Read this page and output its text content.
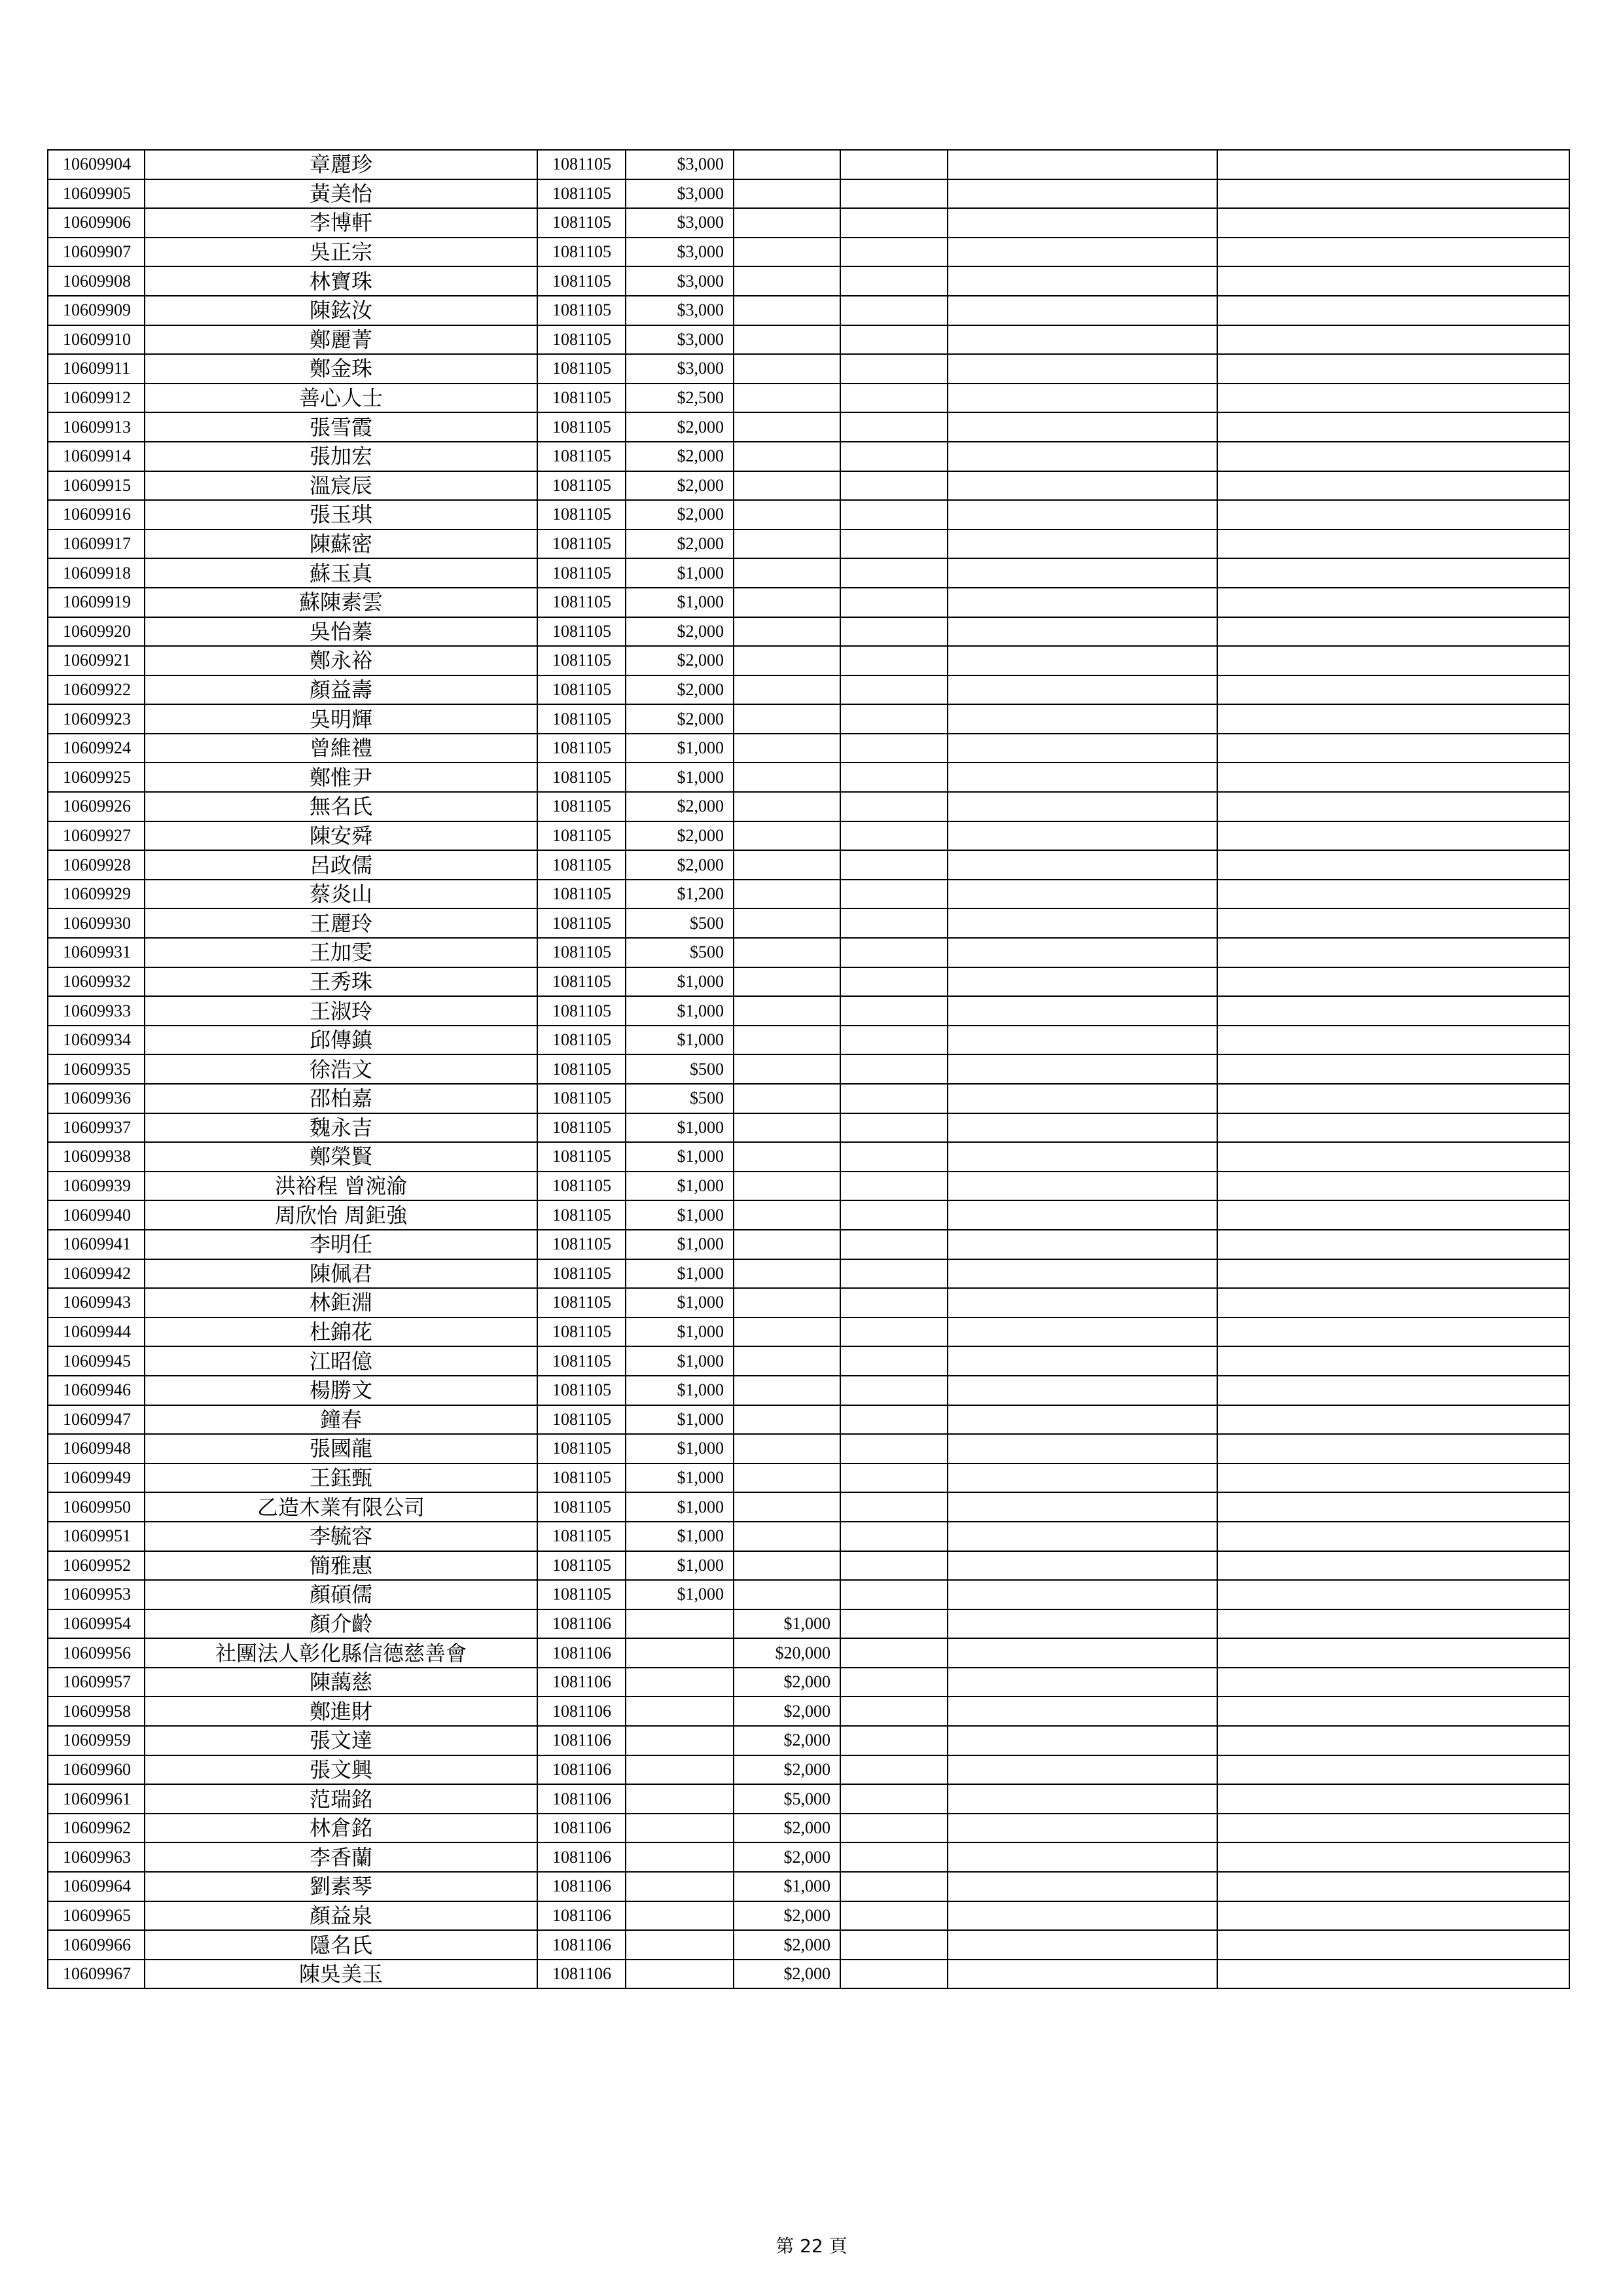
10609904	章麗珍	1081105	$3,000				
10609905	黃美怡	1081105	$3,000				
10609906	李博軒	1081105	$3,000				
10609907	吳正宗	1081105	$3,000				
10609908	林寶珠	1081105	$3,000				
10609909	陳鉉汝	1081105	$3,000				
10609910	鄭麗菁	1081105	$3,000				
10609911	鄭金珠	1081105	$3,000				
10609912	善心人士	1081105	$2,500				
10609913	張雪霞	1081105	$2,000				
10609914	張加宏	1081105	$2,000				
10609915	溫宸辰	1081105	$2,000				
10609916	張玉琪	1081105	$2,000				
10609917	陳蘇密	1081105	$2,000				
10609918	蘇玉真	1081105	$1,000				
10609919	蘇陳素雲	1081105	$1,000				
10609920	吳怡蓁	1081105	$2,000				
10609921	鄭永裕	1081105	$2,000				
10609922	顏益壽	1081105	$2,000				
10609923	吳明輝	1081105	$2,000				
10609924	曾維禮	1081105	$1,000				
10609925	鄭惟尹	1081105	$1,000				
10609926	無名氏	1081105	$2,000				
10609927	陳安舜	1081105	$2,000				
10609928	呂政儒	1081105	$2,000				
10609929	蔡炎山	1081105	$1,200				
10609930	王麗玲	1081105	$500				
10609931	王加雯	1081105	$500				
10609932	王秀珠	1081105	$1,000				
10609933	王淑玲	1081105	$1,000				
10609934	邱傳鎮	1081105	$1,000				
10609935	徐浩文	1081105	$500				
10609936	邵柏嘉	1081105	$500				
10609937	魏永吉	1081105	$1,000				
10609938	鄭榮賢	1081105	$1,000				
10609939	洪裕程 曾涴渝	1081105	$1,000				
10609940	周欣怡 周鉅強	1081105	$1,000				
10609941	李明任	1081105	$1,000				
10609942	陳佩君	1081105	$1,000				
10609943	林鉅淵	1081105	$1,000				
10609944	杜錦花	1081105	$1,000				
10609945	江昭億	1081105	$1,000				
10609946	楊勝文	1081105	$1,000				
10609947	鐘春	1081105	$1,000				
10609948	張國龍	1081105	$1,000				
10609949	王鈺甄	1081105	$1,000				
10609950	乙造木業有限公司	1081105	$1,000				
10609951	李毓容	1081105	$1,000				
10609952	簡雅惠	1081105	$1,000				
10609953	顏碩儒	1081105	$1,000				
10609954	顏介齡	1081106		$1,000			
10609956	社團法人彰化縣信德慈善會	1081106		$20,000			
10609957	陳藹慈	1081106		$2,000			
10609958	鄭進財	1081106		$2,000			
10609959	張文達	1081106		$2,000			
10609960	張文興	1081106		$2,000			
10609961	范瑞銘	1081106		$5,000			
10609962	林倉銘	1081106		$2,000			
10609963	李香蘭	1081106		$2,000			
10609964	劉素琴	1081106		$1,000			
10609965	顏益泉	1081106		$2,000			
10609966	隱名氏	1081106		$2,000			
10609967	陳吳美玉	1081106		$2,000			
第 22 頁
